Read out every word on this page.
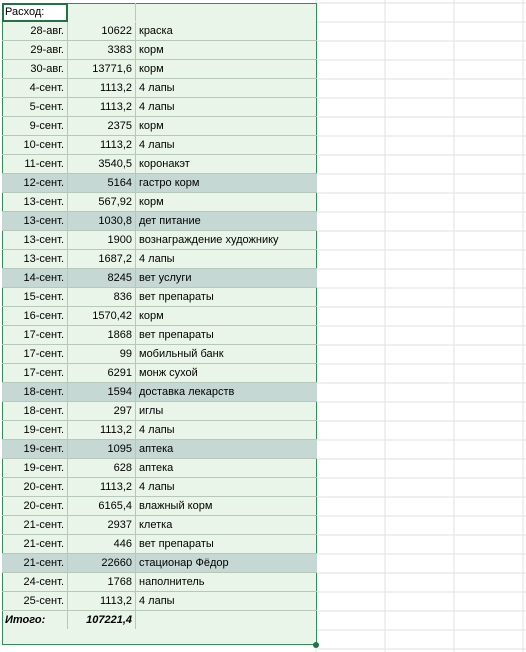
Расход:
28-авг.	10622 краска
29-авг.	3383 корм
30-авг.	13771,6 корм
4-сент.	1113,2 4 лапы
5-сент.	1113,2 4 лапы
9-сент.	2375 корм
10-сент.	1113,2 4 лапы
11-сент.	3540,5 коронакэт
12-сент.	5164 гастро корм
13-сент.	567,92 корм
13-сент.	1030,8 дет питание
13-сент.	1900 вознаграждение художнику
13-сент.	1687,2 4 лапы
14-сент.	8245 вет услуги
15-сент.	836 вет препараты
16-сент.	1570,42 корм
17-сент.	1868 вет препараты
17-сент.	99 мобильный банк
17-сент.	6291 монж сухой
18-сент.	1594 доставка лекарств
18-сент.	297 иглы
19-сент.	1113,2 4 лапы
19-сент.	1095 аптека
19-сент.	628 аптека
20-сент.	1113,2 4 лапы
20-сент.	6165,4 влажный корм
21-сент.	2937 клетка
21-сент.	446 вет препараты
21-сент.	22660 стационар Фёдор
24-сент.	1768 наполнитель
25-сент.	1113,2 4 лапы
Итого:	107221,4
